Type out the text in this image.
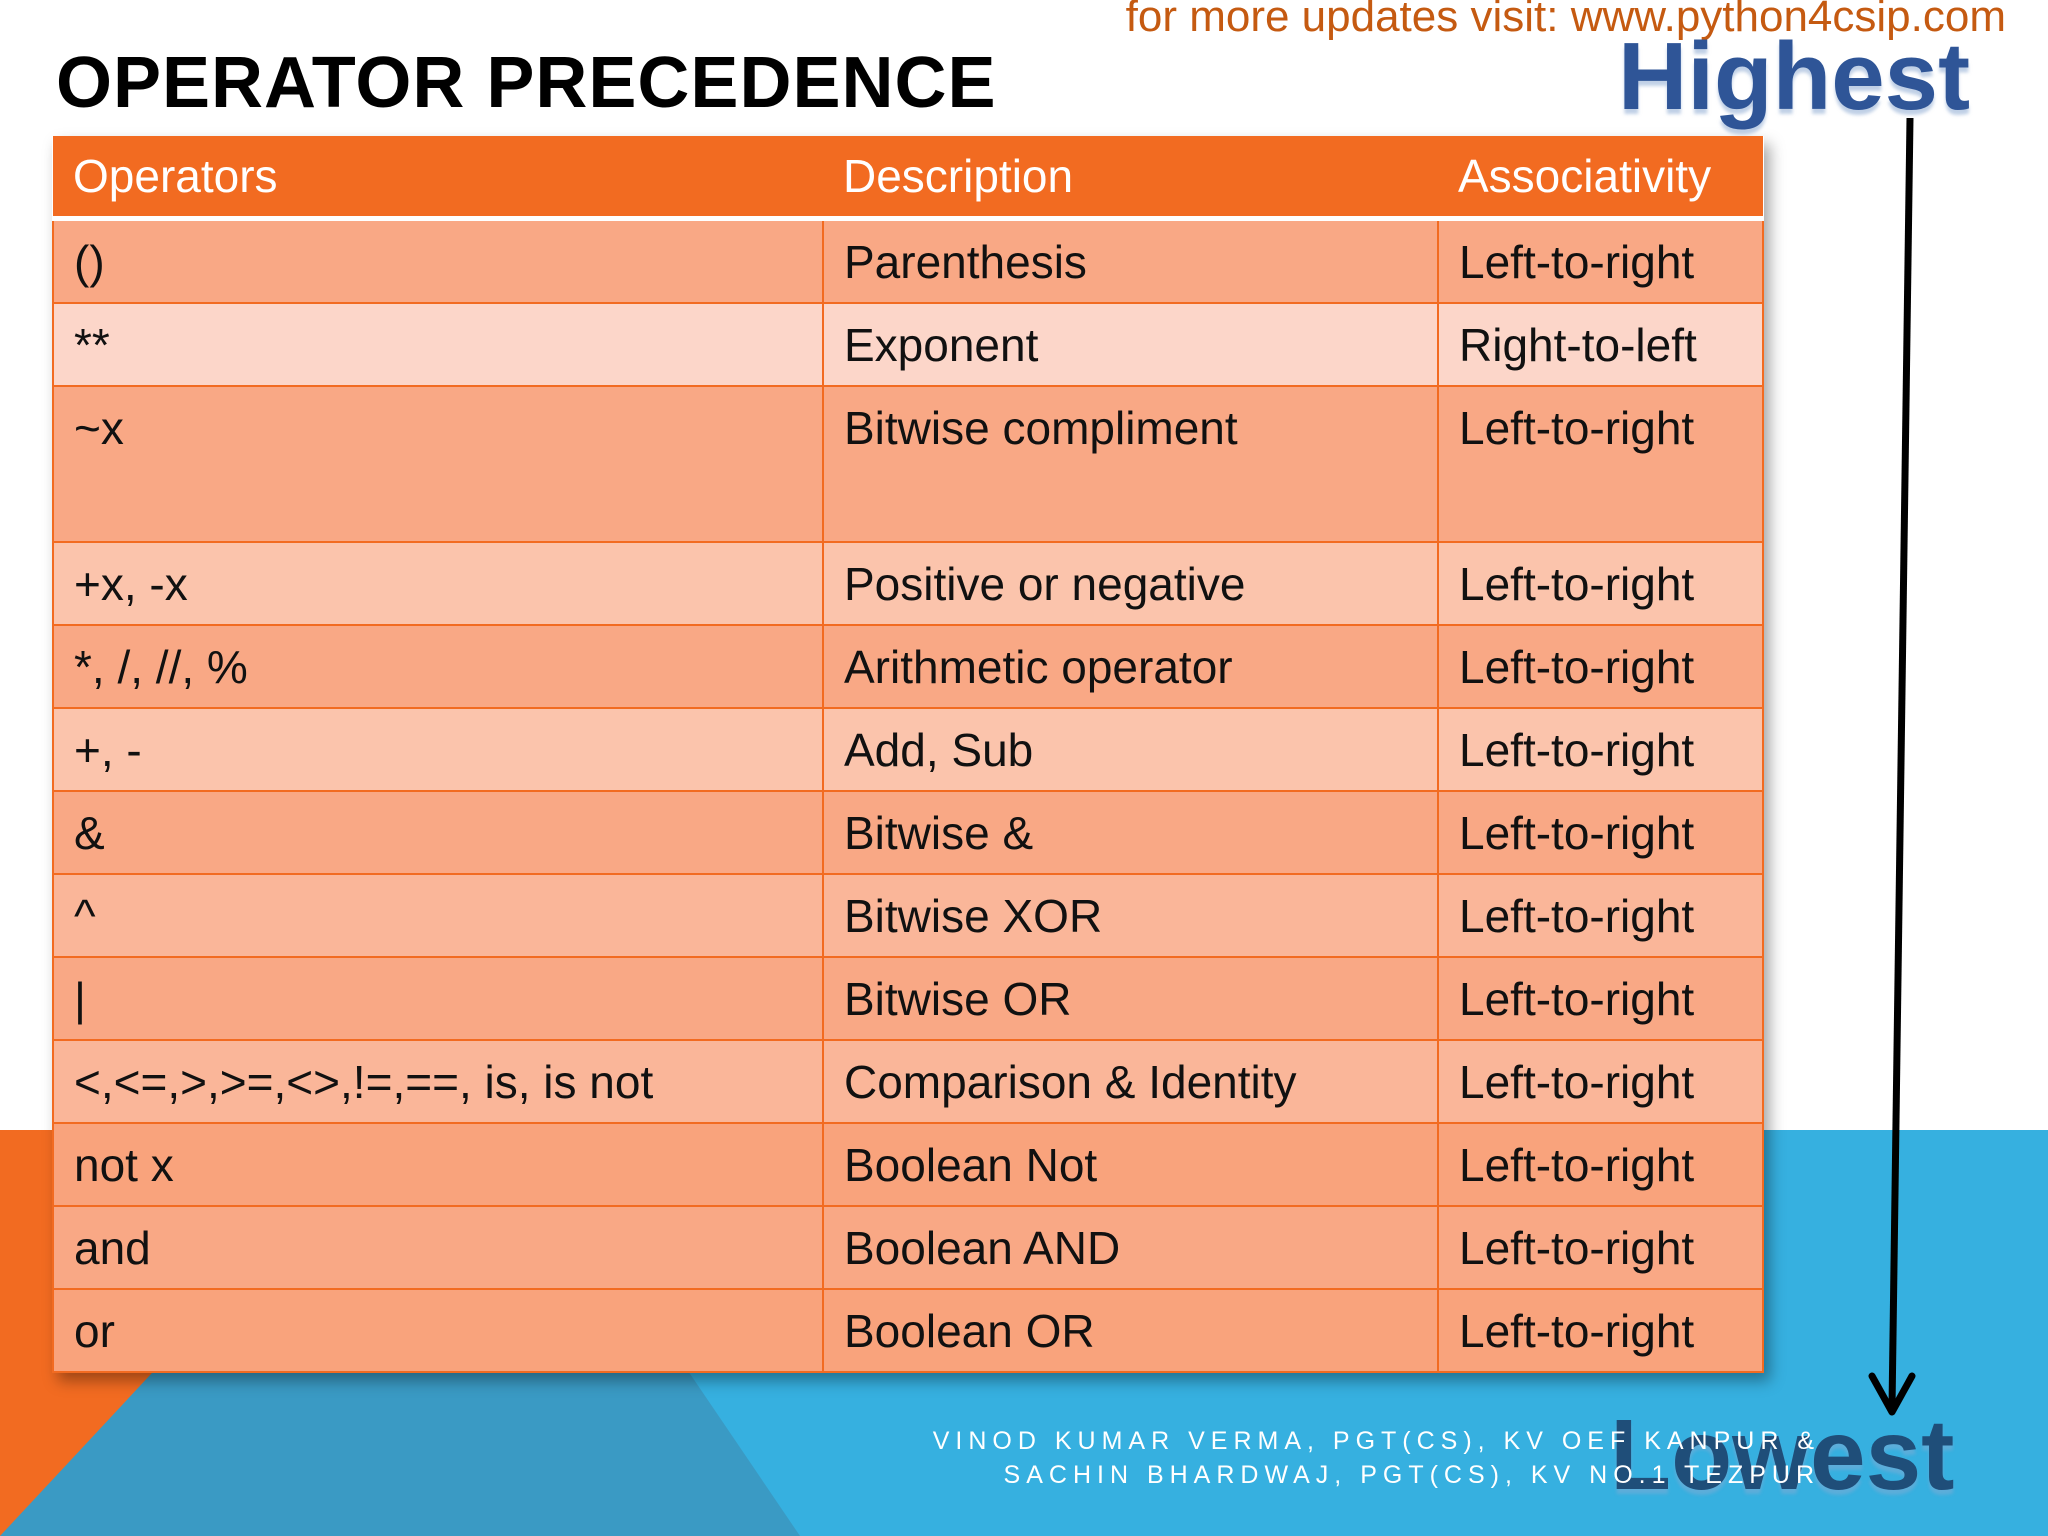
for more updates visit: www.python4csip.com
OPERATOR PRECEDENCE	Highest
Lowest
VINOD KUMAR VERMA, PGT(CS), KV OEF KANPUR &
SACHIN BHARDWAJ, PGT(CS), KV NO.1 TEZPUR
Operators	Description	Associativity
()	Parenthesis	Left-to-right
**	Exponent	Right-to-left
~x	Bitwise compliment	Left-to-right
+x, -x	Positive or negative	Left-to-right
*, /, //, %	Arithmetic operator	Left-to-right
+, -	Add, Sub	Left-to-right
&	Bitwise &	Left-to-right
^	Bitwise XOR	Left-to-right
|	Bitwise OR	Left-to-right
<,<=,>,>=,<>,!=,==, is, is not	Comparison & Identity	Left-to-right
not x	Boolean Not	Left-to-right
and	Boolean AND	Left-to-right
or	Boolean OR	Left-to-right
